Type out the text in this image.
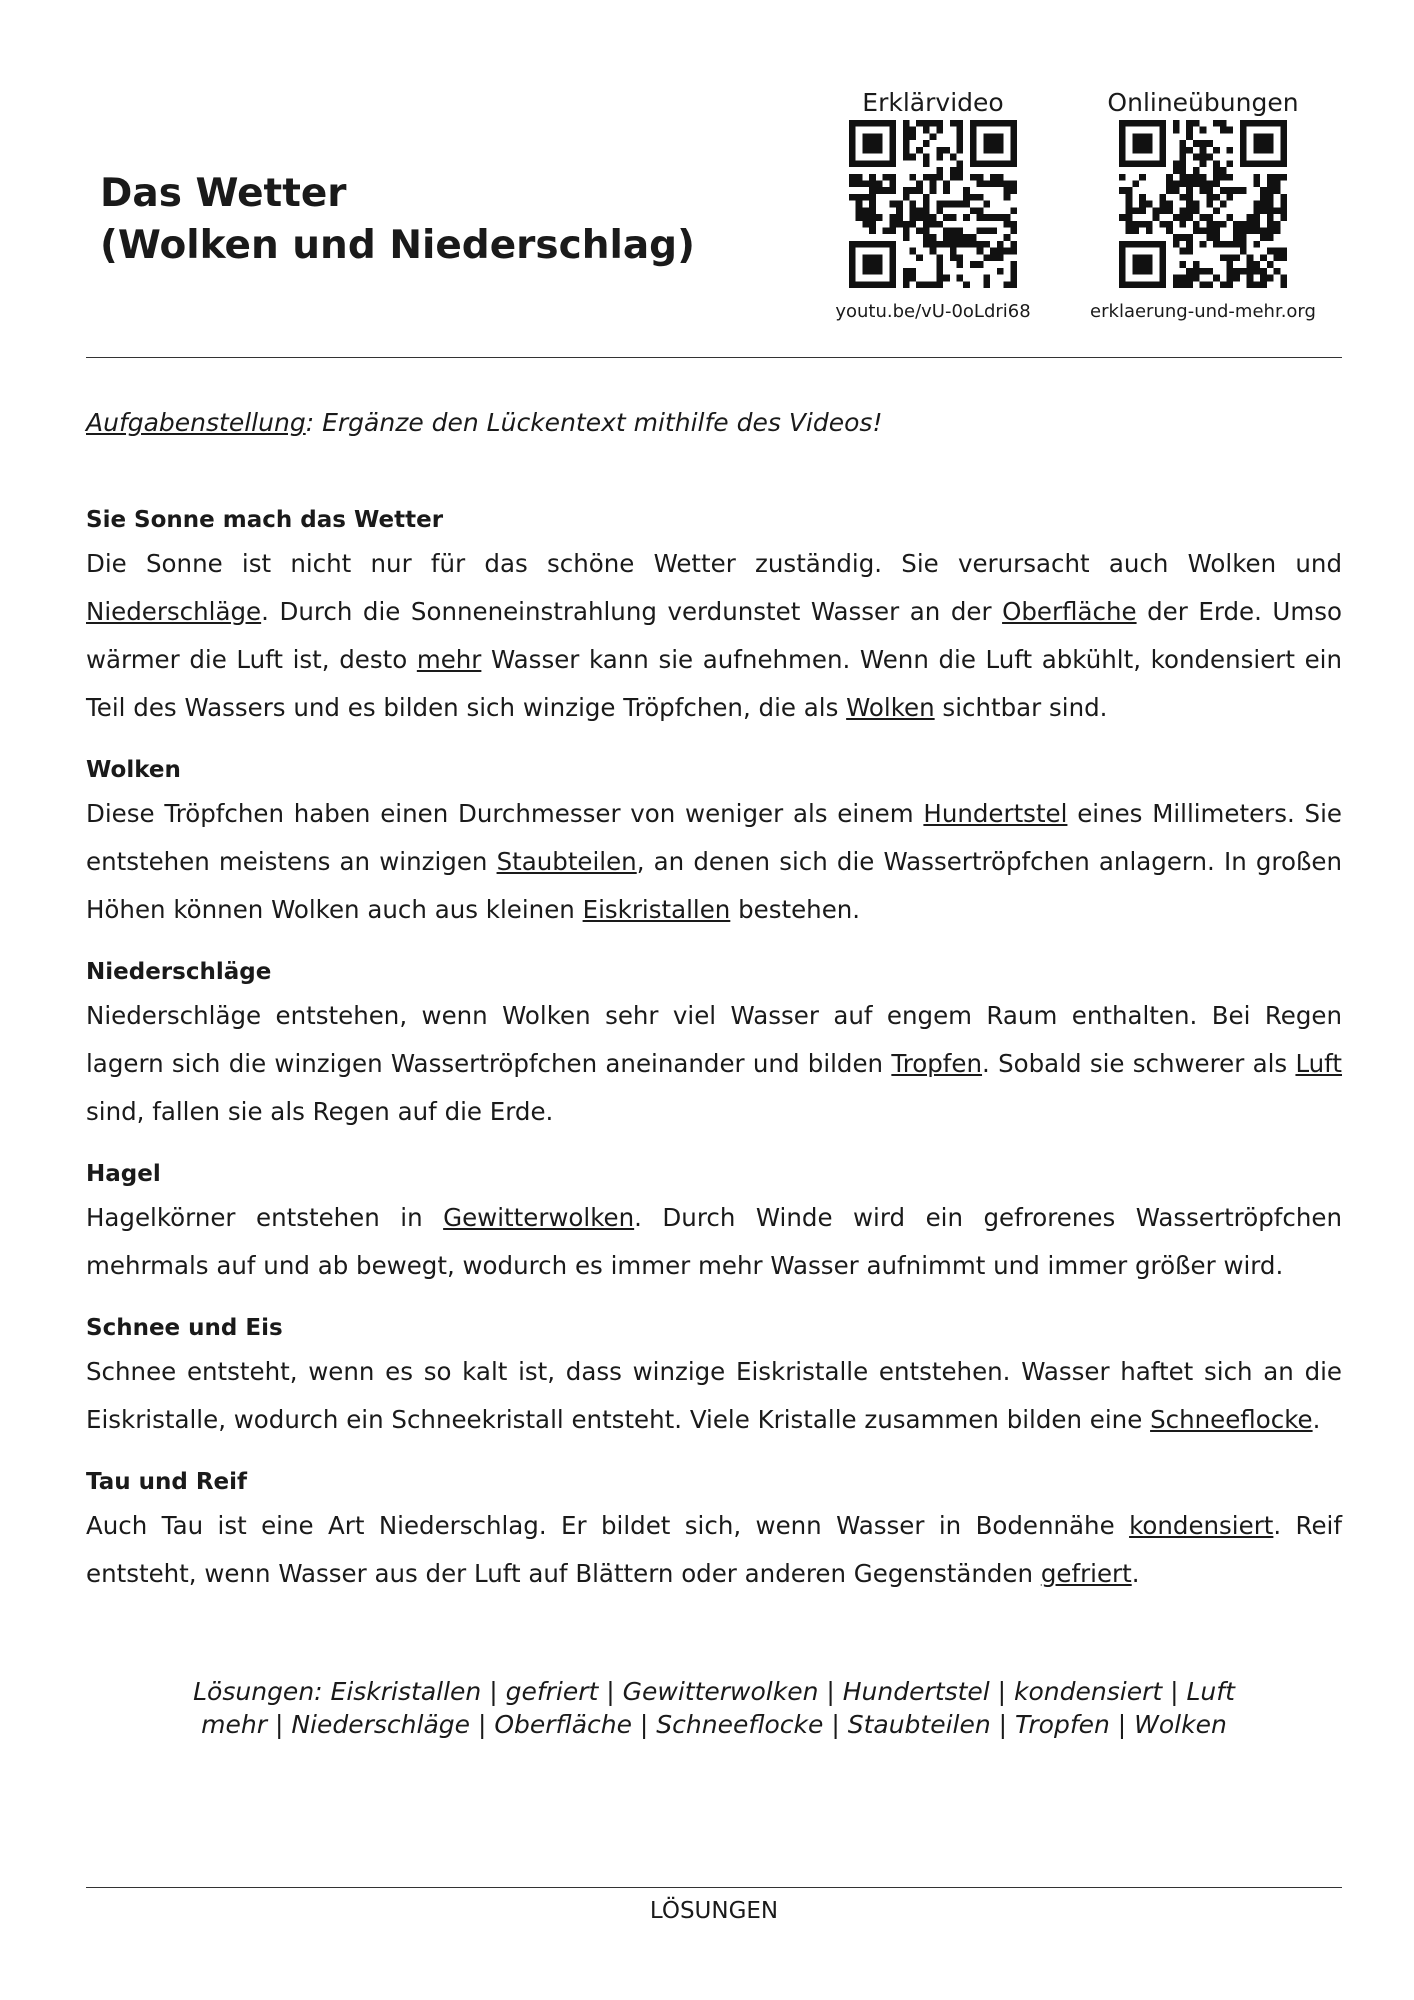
Das Wetter
(Wolken und Niederschlag)
Erklärvideo
youtu.be/vU-0oLdri68
Onlineübungen
erklaerung-und-mehr.org
Aufgabenstellung: Ergänze den Lückentext mithilfe des Videos!
Sie Sonne mach das Wetter

Die Sonne ist nicht nur für das schöne Wetter zuständig. Sie verursacht auch Wolken und Niederschläge. Durch die Sonneneinstrahlung verdunstet Wasser an der Oberfläche der Erde. Umso wärmer die Luft ist, desto mehr Wasser kann sie aufnehmen. Wenn die Luft abkühlt, kondensiert ein Teil des Wassers und es bilden sich winzige Tröpfchen, die als Wolken sichtbar sind.

Wolken

Diese Tröpfchen haben einen Durchmesser von weniger als einem Hundertstel eines Millimeters. Sie entstehen meistens an winzigen Staubteilen, an denen sich die Wassertröpfchen anlagern. In großen Höhen können Wolken auch aus kleinen Eiskristallen bestehen.

Niederschläge

Niederschläge entstehen, wenn Wolken sehr viel Wasser auf engem Raum enthalten. Bei Regen lagern sich die winzigen Wassertröpfchen aneinander und bilden Tropfen. Sobald sie schwerer als Luft sind, fallen sie als Regen auf die Erde.

Hagel

Hagelkörner entstehen in Gewitterwolken. Durch Winde wird ein gefrorenes Wassertröpfchen mehrmals auf und ab bewegt, wodurch es immer mehr Wasser aufnimmt und immer größer wird.

Schnee und Eis

Schnee entsteht, wenn es so kalt ist, dass winzige Eiskristalle entstehen. Wasser haftet sich an die Eiskristalle, wodurch ein Schneekristall entsteht. Viele Kristalle zusammen bilden eine Schneeflocke.

Tau und Reif

Auch Tau ist eine Art Niederschlag. Er bildet sich, wenn Wasser in Bodennähe kondensiert. Reif entsteht, wenn Wasser aus der Luft auf Blättern oder anderen Gegenständen gefriert.

Lösungen: Eiskristallen | gefriert | Gewitterwolken | Hundertstel | kondensiert | Luft
mehr | Niederschläge | Oberfläche | Schneeflocke | Staubteilen | Tropfen | Wolken
LÖSUNGEN
